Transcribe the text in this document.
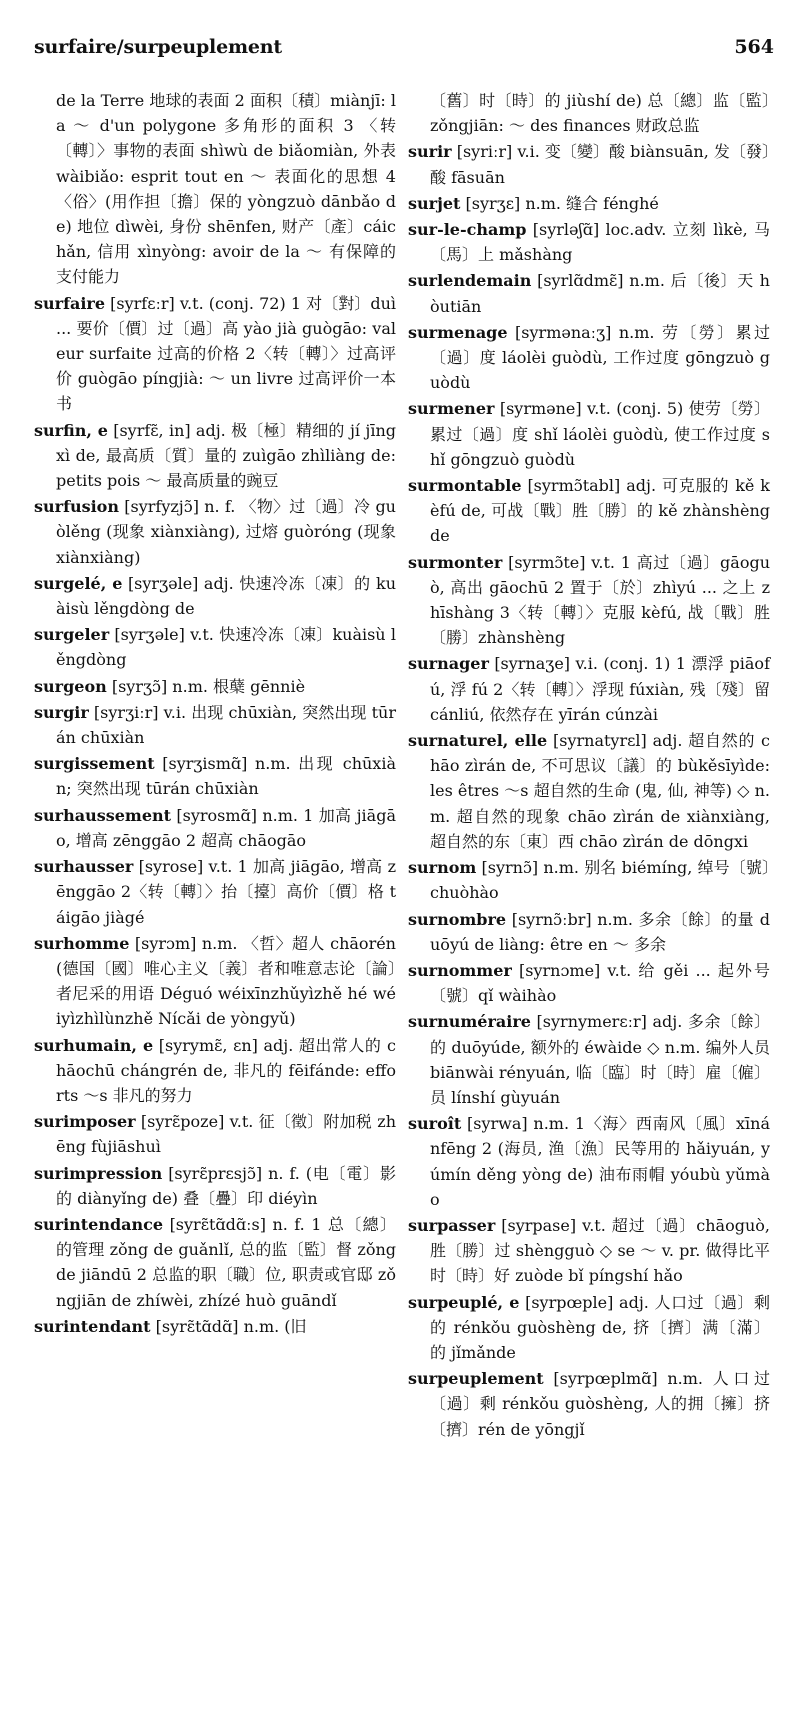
surfaire/surpeuplement	564

de la Terre 地球的表面 2 面积〔積〕miànjī: la ～ d'un polygone 多角形的面积 3 〈转〔轉〕〉事物的表面 shìwù de biǎomiàn, 外表 wàibiǎo: esprit tout en ～ 表面化的思想 4〈俗〉(用作担〔擔〕保的 yòngzuò dānbǎo de) 地位 dìwèi, 身份 shēnfen, 财产〔產〕cáichǎn, 信用 xìnyòng: avoir de la ～ 有保障的支付能力

surfaire [syrfɛːr] v.t. (conj. 72) 1 对〔對〕duì ... 要价〔價〕过〔過〕高 yào jià guògāo: valeur surfaite 过高的价格 2〈转〔轉〕〉过高评价 guògāo píngjià: ～ un livre 过高评价一本书

surfin, e [syrfɛ̃, in] adj. 极〔極〕精细的 jí jīngxì de, 最高质〔質〕量的 zuìgāo zhìliàng de: petits pois ～ 最高质量的豌豆

surfusion [syrfyzjɔ̃] n. f. 〈物〉过〔過〕冷 guòlěng (现象 xiànxiàng), 过熔 guòróng (现象 xiànxiàng)

surgelé, e [syrʒəle] adj. 快速冷冻〔凍〕的 kuàisù lěngdòng de

surgeler [syrʒəle] v.t. 快速冷冻〔凍〕kuàisù lěngdòng

surgeon [syrʒɔ̃] n.m. 根蘖 gēnniè

surgir [syrʒiːr] v.i. 出现 chūxiàn, 突然出现 tūrán chūxiàn

surgissement [syrʒismɑ̃] n.m. 出现 chūxiàn; 突然出现 tūrán chūxiàn

surhaussement [syrosmɑ̃] n.m. 1 加高 jiāgāo, 增高 zēnggāo 2 超高 chāogāo

surhausser [syrose] v.t. 1 加高 jiāgāo, 增高 zēnggāo 2〈转〔轉〕〉抬〔擡〕高价〔價〕格 táigāo jiàgé

surhomme [syrɔm] n.m. 〈哲〉超人 chāorén (德国〔國〕唯心主义〔義〕者和唯意志论〔論〕者尼采的用语 Déguó wéixīnzhǔyìzhě hé wéiyìzhìlùnzhě Nícǎi de yòngyǔ)

surhumain, e [syrymɛ̃, ɛn] adj. 超出常人的 chāochū chángrén de, 非凡的 fēifánde: efforts ～s 非凡的努力

surimposer [syrɛ̃poze] v.t. 征〔徵〕附加税 zhēng fùjiāshuì

surimpression [syrɛ̃prɛsjɔ̃] n. f. (电〔電〕影的 diànyǐng de) 叠〔疊〕印 diéyìn

surintendance [syrɛ̃tɑ̃dɑ̃ːs] n. f. 1 总〔總〕的管理 zǒng de guǎnlǐ, 总的监〔監〕督 zǒng de jiāndū 2 总监的职〔職〕位, 职责或官邸 zǒngjiān de zhíwèi, zhízé huò guāndǐ

surintendant [syrɛ̃tɑ̃dɑ̃] n.m. (旧

〔舊〕时〔時〕的 jiùshí de) 总〔總〕监〔監〕zǒngjiān: ～ des finances 财政总监

surir [syriːr] v.i. 变〔變〕酸 biànsuān, 发〔發〕酸 fāsuān

surjet [syrʒɛ] n.m. 缝合 fénghé

sur-le-champ [syrləʃɑ̃] loc.adv. 立刻 lìkè, 马〔馬〕上 mǎshàng

surlendemain [syrlɑ̃dmɛ̃] n.m. 后〔後〕天 hòutiān

surmenage [syrmənaːʒ] n.m. 劳〔勞〕累过〔過〕度 láolèi guòdù, 工作过度 gōngzuò guòdù

surmener [syrməne] v.t. (conj. 5) 使劳〔勞〕累过〔過〕度 shǐ láolèi guòdù, 使工作过度 shǐ gōngzuò guòdù

surmontable [syrmɔ̃tabl] adj. 可克服的 kě kèfú de, 可战〔戰〕胜〔勝〕的 kě zhànshèng de

surmonter [syrmɔ̃te] v.t. 1 高过〔過〕gāoguò, 高出 gāochū 2 置于〔於〕zhìyú ... 之上 zhīshàng 3〈转〔轉〕〉克服 kèfú, 战〔戰〕胜〔勝〕zhànshèng

surnager [syrnaʒe] v.i. (conj. 1) 1 漂浮 piāofú, 浮 fú 2〈转〔轉〕〉浮现 fúxiàn, 残〔殘〕留 cánliú, 依然存在 yīrán cúnzài

surnaturel, elle [syrnatyrɛl] adj. 超自然的 chāo zìrán de, 不可思议〔議〕的 bùkěsīyìde: les êtres ～s 超自然的生命 (鬼, 仙, 神等) ◇ n.m. 超自然的现象 chāo zìrán de xiànxiàng, 超自然的东〔東〕西 chāo zìrán de dōngxi

surnom [syrnɔ̃] n.m. 别名 biémíng, 绰号〔號〕chuòhào

surnombre [syrnɔ̃ːbr] n.m. 多余〔餘〕的量 duōyú de liàng: être en ～ 多余

surnommer [syrnɔme] v.t. 给 gěi ... 起外号〔號〕qǐ wàihào

surnuméraire [syrnymerɛːr] adj. 多余〔餘〕的 duōyúde, 额外的 éwàide ◇ n.m. 编外人员 biānwài rényuán, 临〔臨〕时〔時〕雇〔僱〕员 línshí gùyuán

suroît [syrwa] n.m. 1〈海〉西南风〔風〕xīnánfēng 2 (海员, 渔〔漁〕民等用的 hǎiyuán, yúmín děng yòng de) 油布雨帽 yóubù yǔmào

surpasser [syrpase] v.t. 超过〔過〕chāoguò, 胜〔勝〕过 shèngguò ◇ se ～ v. pr. 做得比平时〔時〕好 zuòde bǐ píngshí hǎo

surpeuplé, e [syrpœple] adj. 人口过〔過〕剩的 rénkǒu guòshèng de, 挤〔擠〕满〔滿〕的 jǐmǎnde

surpeuplement [syrpœplmɑ̃] n.m. 人口过〔過〕剩 rénkǒu guòshèng, 人的拥〔擁〕挤〔擠〕rén de yōngjǐ
